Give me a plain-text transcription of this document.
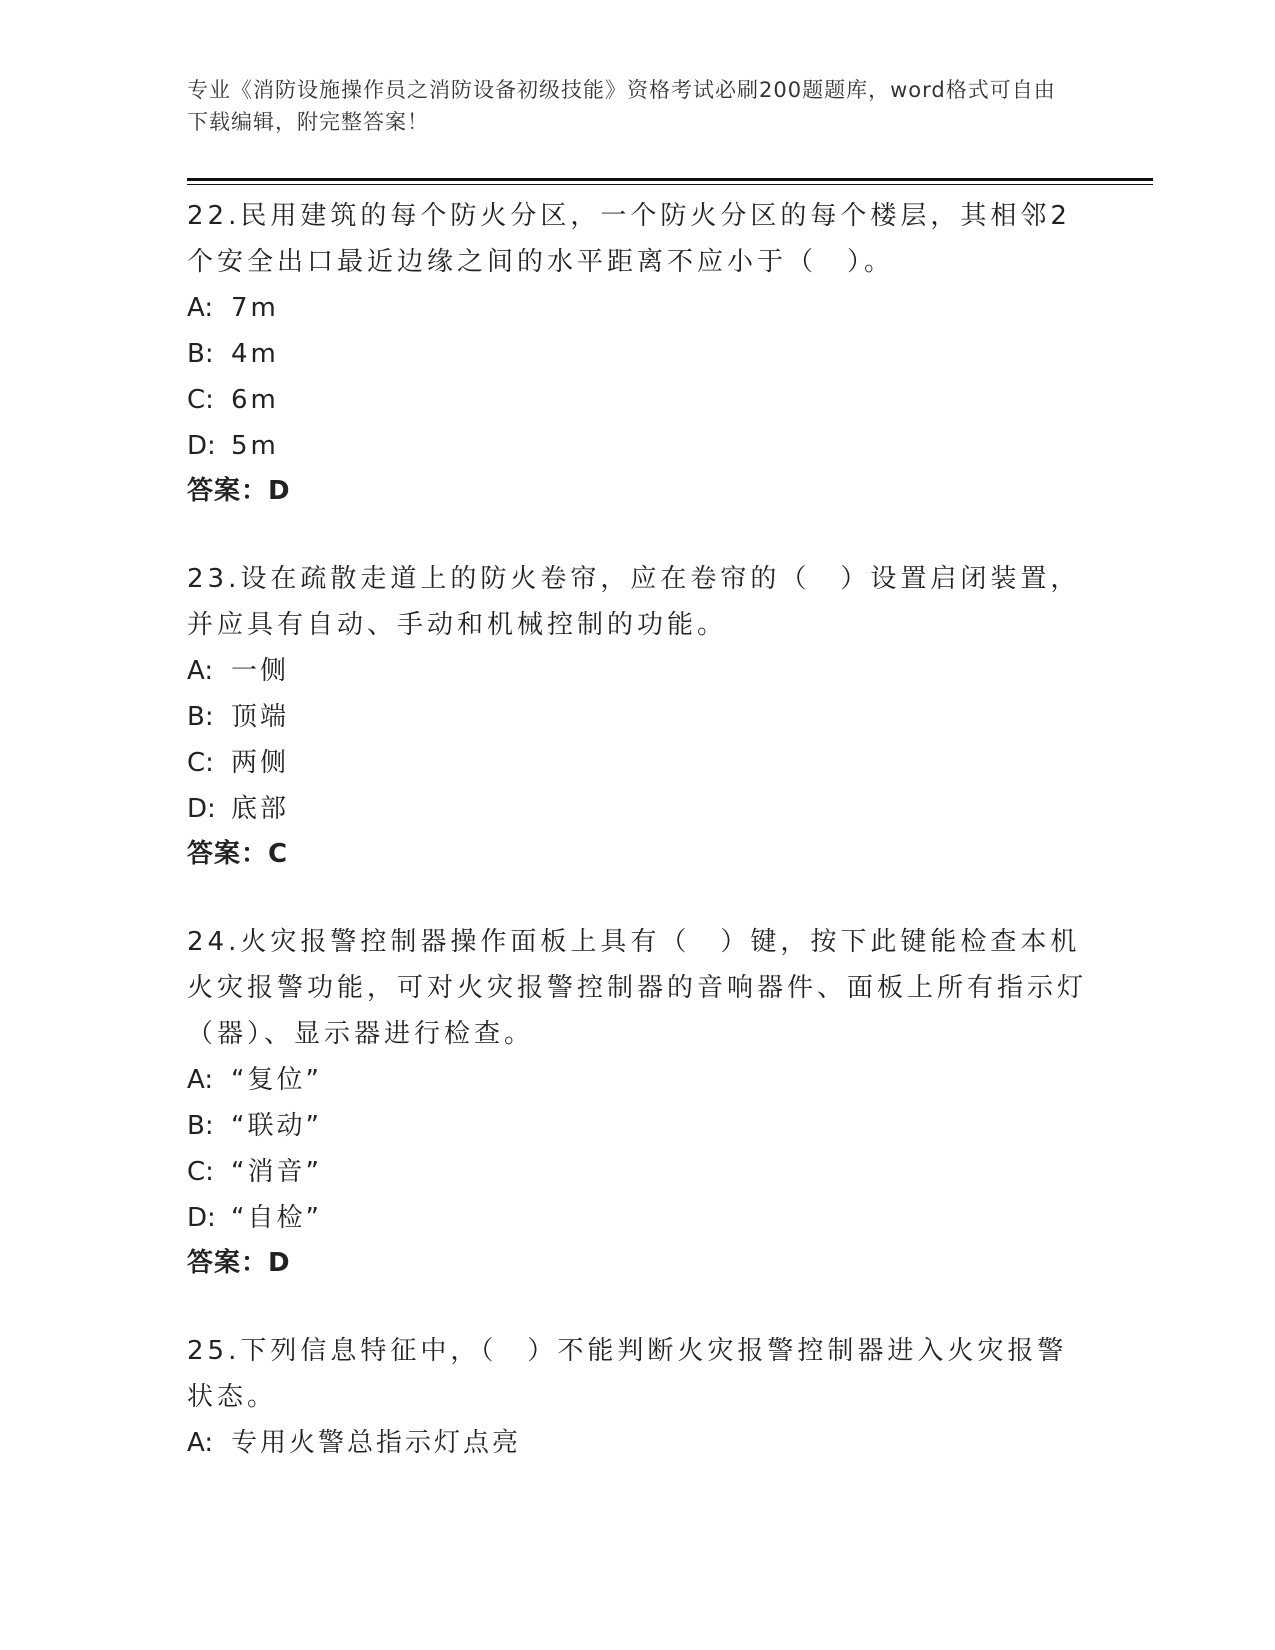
专业《消防设施操作员之消防设备初级技能》资格考试必刷200题题库，word格式可自由下载编辑，附完整答案！

22.民用建筑的每个防火分区，一个防火分区的每个楼层，其相邻2个安全出口最近边缘之间的水平距离不应小于（　）。

A: 7m

B: 4m

C: 6m

D: 5m

答案：D

23.设在疏散走道上的防火卷帘，应在卷帘的（　）设置启闭装置，并应具有自动、手动和机械控制的功能。

A: 一侧

B: 顶端

C: 两侧

D: 底部

答案：C

24.火灾报警控制器操作面板上具有（　）键，按下此键能检查本机火灾报警功能，可对火灾报警控制器的音响器件、面板上所有指示灯（器）、显示器进行检查。

A: “复位”

B: “联动”

C: “消音”

D: “自检”

答案：D

25.下列信息特征中，（　）不能判断火灾报警控制器进入火灾报警状态。

A: 专用火警总指示灯点亮
